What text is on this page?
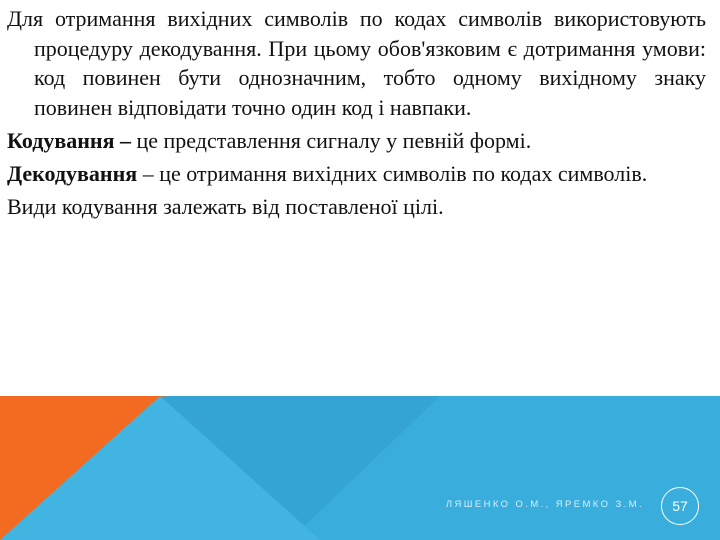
Для отримання вихідних символів по кодах символів використовують процедуру декодування. При цьому обов'язковим є дотримання умови: код повинен бути однозначним, тобто одному вихідному знаку повинен відповідати точно один код і навпаки.

Кодування – це представлення сигналу у певній формі.

Декодування – це отримання вихідних символів по кодах символів.

Види кодування залежать від поставленої цілі.

ЛЯШЕНКО О.М., ЯРЕМКО З.М.	57
